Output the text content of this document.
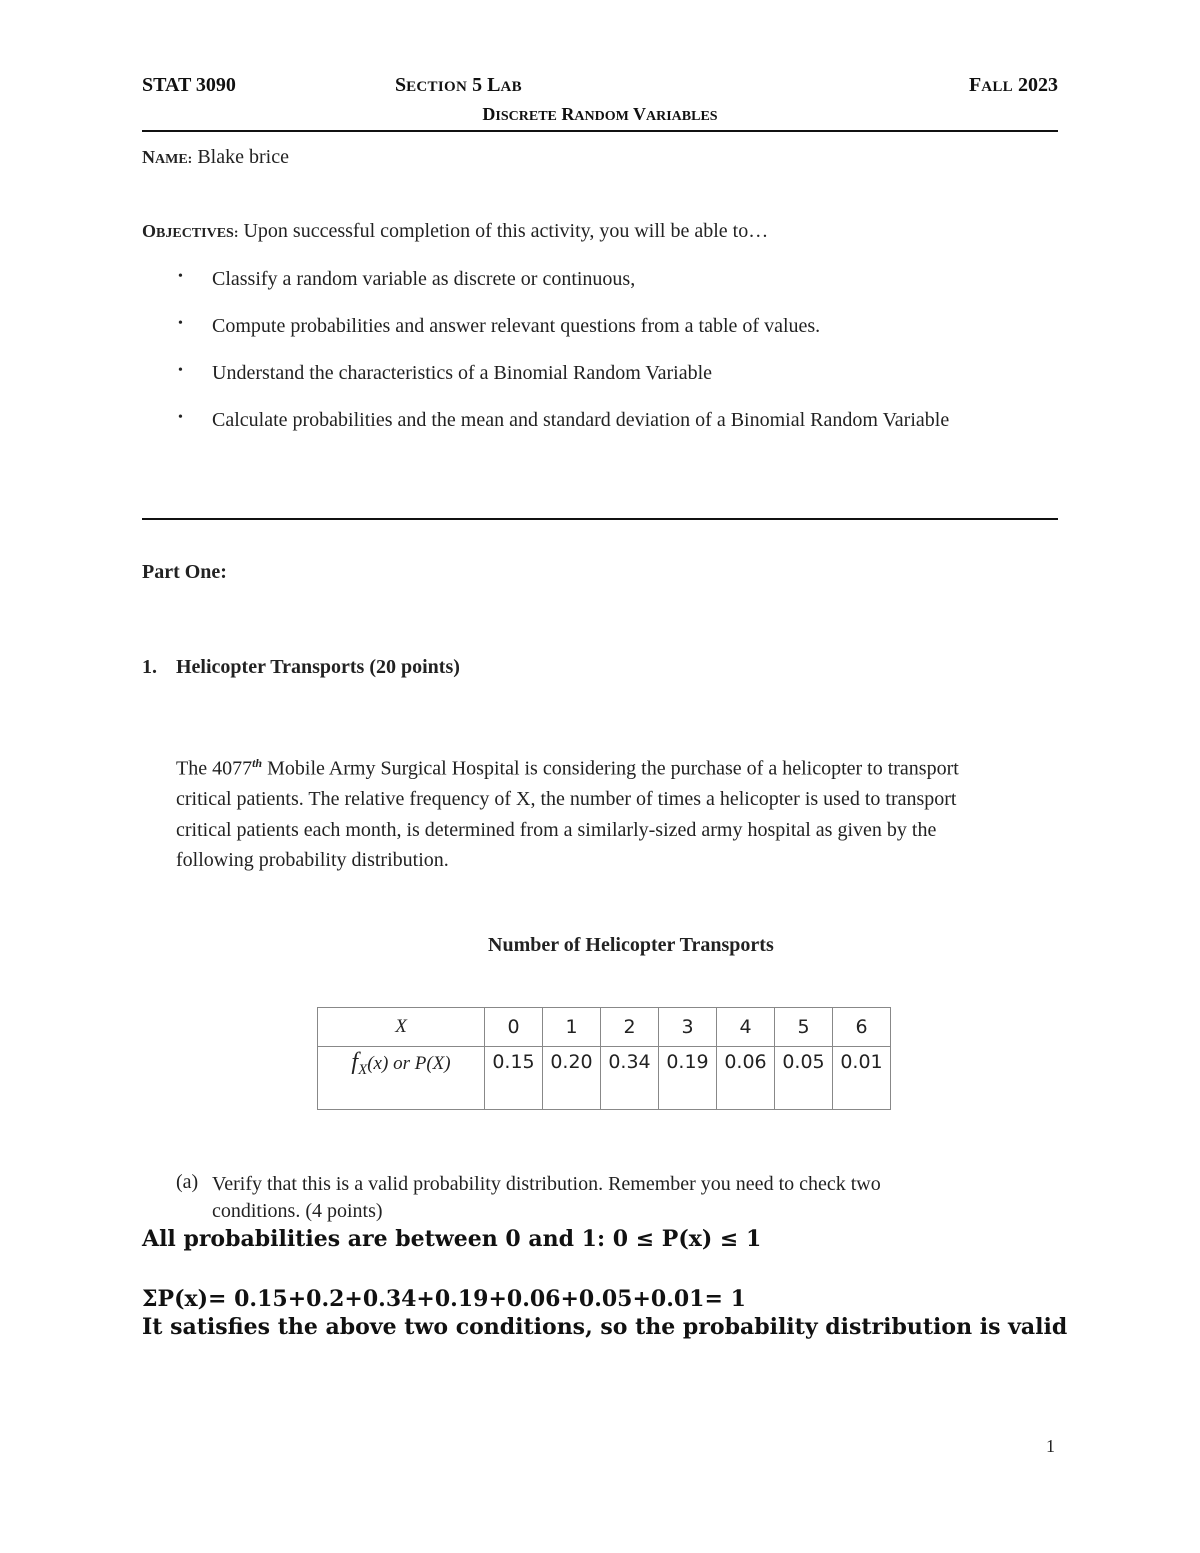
STAT 3090	SECTION 5 LAB	FALL 2023
DISCRETE RANDOM VARIABLES
NAME: Blake brice
OBJECTIVES: Upon successful completion of this activity, you will be able to…
• Classify a random variable as discrete or continuous,
• Compute probabilities and answer relevant questions from a table of values.
• Understand the characteristics of a Binomial Random Variable
• Calculate probabilities and the mean and standard deviation of a Binomial Random Variable
Part One:
1. Helicopter Transports (20 points)
The 4077th Mobile Army Surgical Hospital is considering the purchase of a helicopter to transport critical patients. The relative frequency of X, the number of times a helicopter is used to transport critical patients each month, is determined from a similarly-sized army hospital as given by the following probability distribution.
Number of Helicopter Transports
X	0	1	2	3	4	5	6
$f_X(x)$ or P(X)	0.15	0.20	0.34	0.19	0.06	0.05	0.01
(a) Verify that this is a valid probability distribution. Remember you need to check two conditions. (4 points)
All probabilities are between 0 and 1: 0 ≤ P(x) ≤ 1
ΣP(x)= 0.15+0.2+0.34+0.19+0.06+0.05+0.01= 1
It satisfies the above two conditions, so the probability distribution is valid
1
